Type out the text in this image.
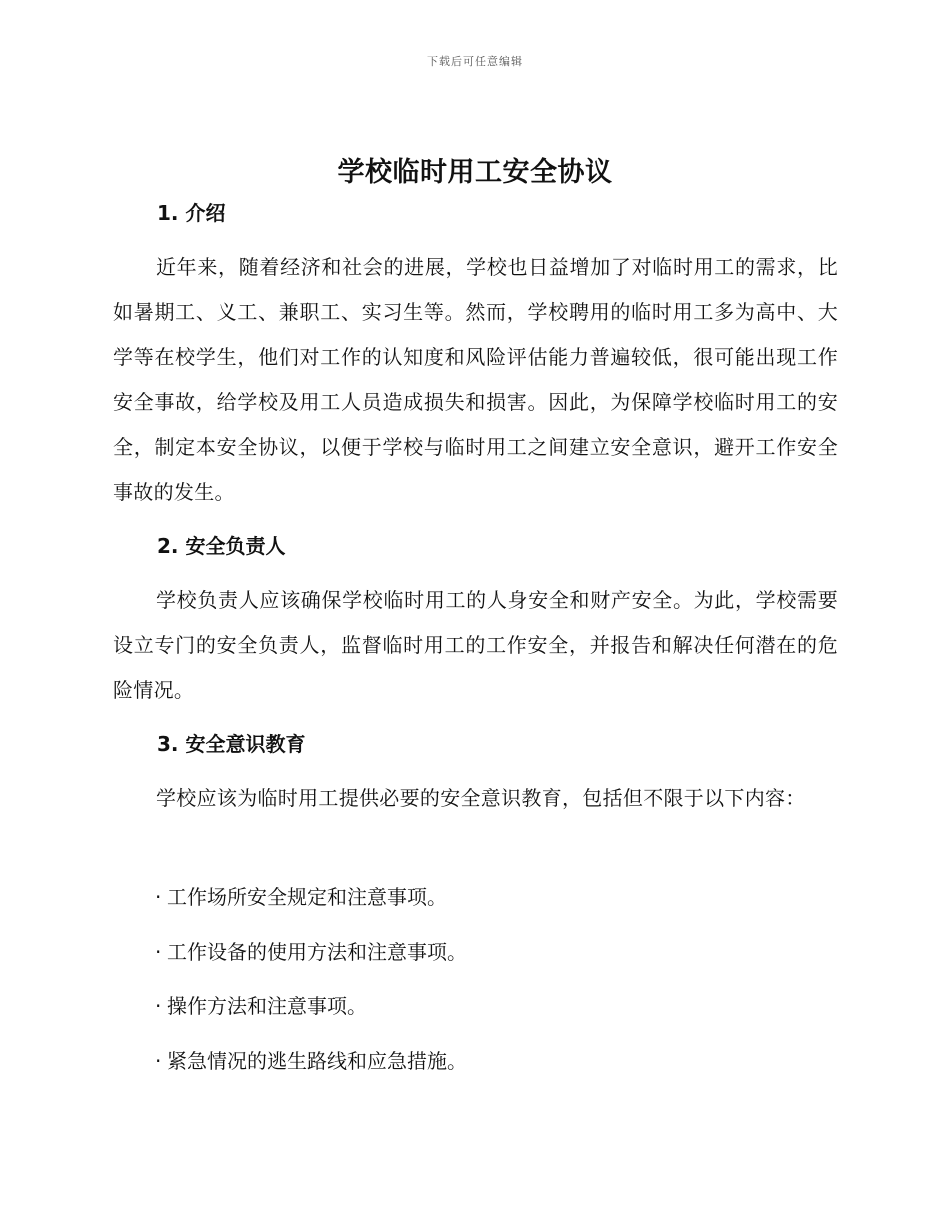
下载后可任意编辑
学校临时用工安全协议
1. 介绍
近年来，随着经济和社会的进展，学校也日益增加了对临时用工的需求，比如暑期工、义工、兼职工、实习生等。然而，学校聘用的临时用工多为高中、大学等在校学生，他们对工作的认知度和风险评估能力普遍较低，很可能出现工作安全事故，给学校及用工人员造成损失和损害。因此，为保障学校临时用工的安全，制定本安全协议，以便于学校与临时用工之间建立安全意识，避开工作安全事故的发生。
2. 安全负责人
学校负责人应该确保学校临时用工的人身安全和财产安全。为此，学校需要设立专门的安全负责人，监督临时用工的工作安全，并报告和解决任何潜在的危险情况。
3. 安全意识教育
学校应该为临时用工提供必要的安全意识教育，包括但不限于以下内容：
· 工作场所安全规定和注意事项。
· 工作设备的使用方法和注意事项。
· 操作方法和注意事项。
· 紧急情况的逃生路线和应急措施。
